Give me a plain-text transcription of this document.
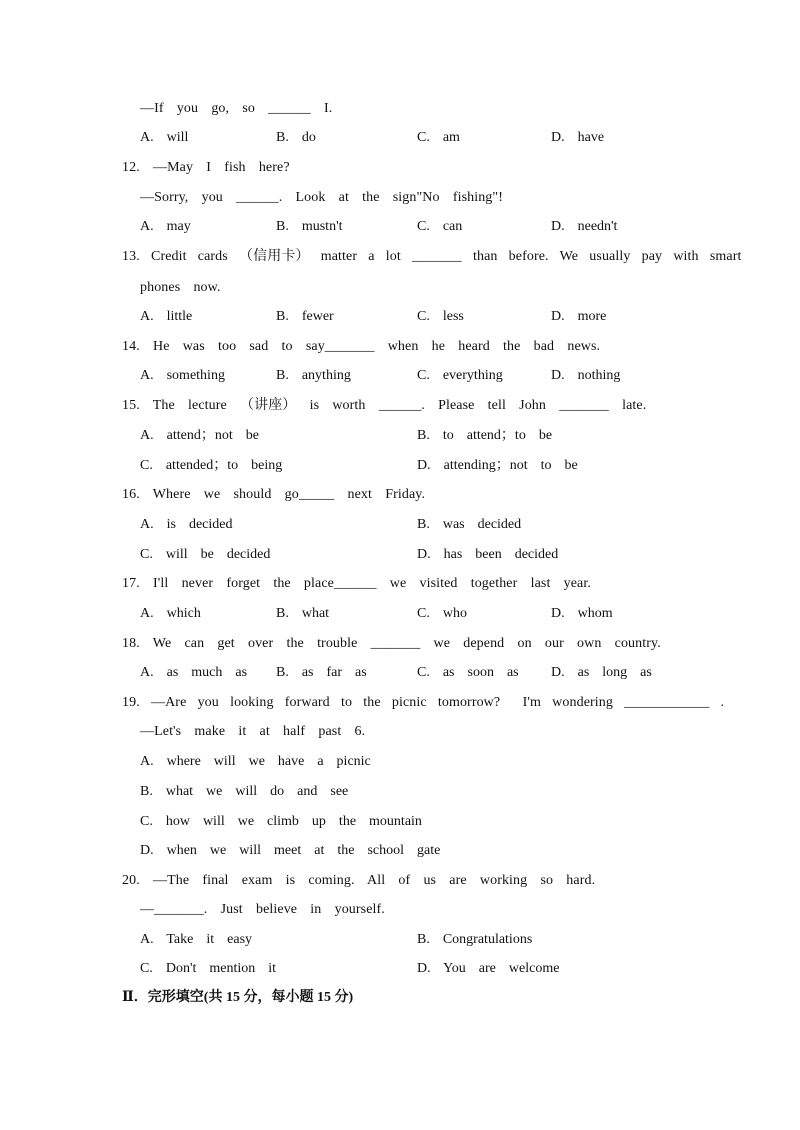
—If  you  go,  so  ______  I.
A.  will	B.  do	C.  am	D.  have
12.  —May  I  fish  here?
—Sorry,  you  ______.  Look  at  the  sign"No  fishing"!
A.  may	B.  mustn't	C.  can	D.  needn't
13.  Credit  cards  （信用卡）  matter  a  lot  _______  than  before.  We  usually  pay  with  smart
phones  now.
A.  little	B.  fewer	C.  less	D.  more
14.  He  was  too  sad  to  say_______  when  he  heard  the  bad  news.
A.  something	B.  anything	C.  everything	D.  nothing
15.  The  lecture  （讲座）  is  worth  ______.  Please  tell  John  _______  late.
A.  attend；not  be	B.  to  attend；to  be
C.  attended；to  being	D.  attending；not  to  be
16.  Where  we  should  go_____  next  Friday.
A.  is  decided	B.  was  decided
C.  will  be  decided	D.  has  been  decided
17.  I'll  never  forget  the  place______  we  visited  together  last  year.
A.  which	B.  what	C.  who	D.  whom
18.  We  can  get  over  the  trouble  _______  we  depend  on  our  own  country.
A.  as  much  as B.  as  far  as	C.  as  soon  as D.  as  long  as
19.  —Are  you  looking  forward  to  the  picnic  tomorrow?    I'm  wondering  ____________  .
—Let's  make  it  at  half  past  6.
A.  where  will  we  have  a  picnic
B.  what  we  will  do  and  see
C.  how  will  we  climb  up  the  mountain
D.  when  we  will  meet  at  the  school  gate
20.  —The  final  exam  is  coming.  All  of  us  are  working  so  hard.
—_______.  Just  believe  in  yourself.
A.  Take  it  easy	B.  Congratulations
C.  Don't  mention  it	D.  You  are  welcome
Ⅱ．完形填空(共 15 分，每小题 15 分)
